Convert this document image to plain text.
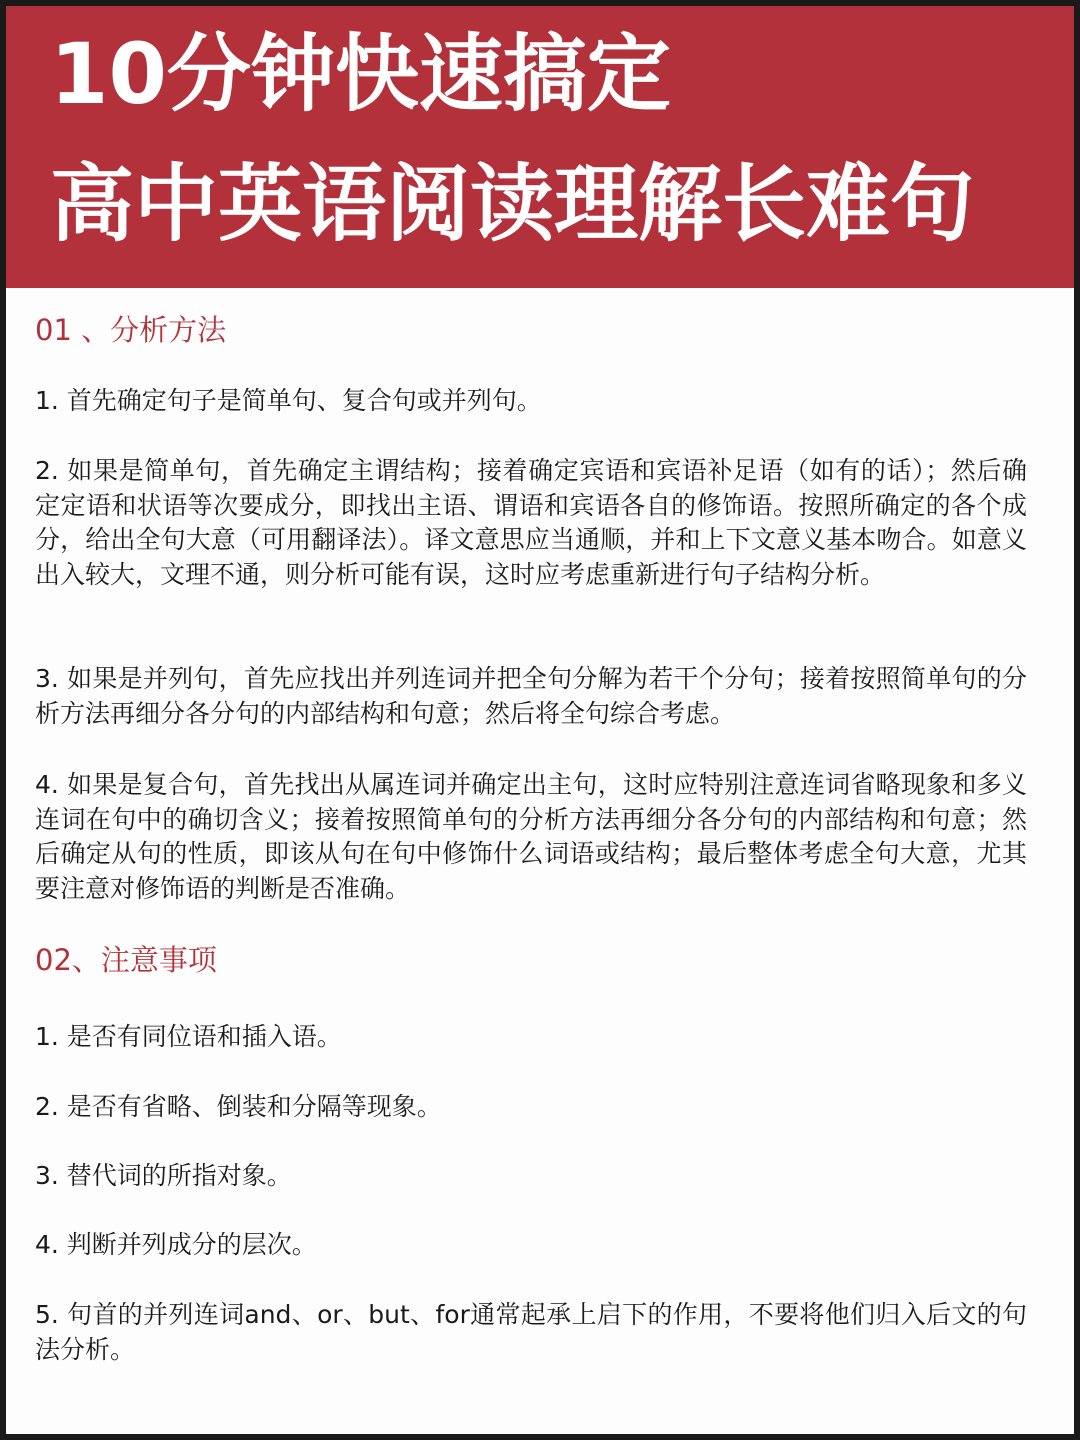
10分钟快速搞定
高中英语阅读理解长难句
01 、分析方法
1. 首先确定句子是简单句、复合句或并列句。
2. 如果是简单句，首先确定主谓结构；接着确定宾语和宾语补足语（如有的话）；然后确定定语和状语等次要成分，即找出主语、谓语和宾语各自的修饰语。按照所确定的各个成分，给出全句大意（可用翻译法）。译文意思应当通顺，并和上下文意义基本吻合。如意义出入较大，文理不通，则分析可能有误，这时应考虑重新进行句子结构分析。
3. 如果是并列句，首先应找出并列连词并把全句分解为若干个分句；接着按照简单句的分析方法再细分各分句的内部结构和句意；然后将全句综合考虑。
4. 如果是复合句，首先找出从属连词并确定出主句，这时应特别注意连词省略现象和多义连词在句中的确切含义；接着按照简单句的分析方法再细分各分句的内部结构和句意；然后确定从句的性质，即该从句在句中修饰什么词语或结构；最后整体考虑全句大意，尤其要注意对修饰语的判断是否准确。
02、注意事项
1. 是否有同位语和插入语。
2. 是否有省略、倒装和分隔等现象。
3. 替代词的所指对象。
4. 判断并列成分的层次。
5. 句首的并列连词and、or、but、for通常起承上启下的作用，不要将他们归入后文的句法分析。
